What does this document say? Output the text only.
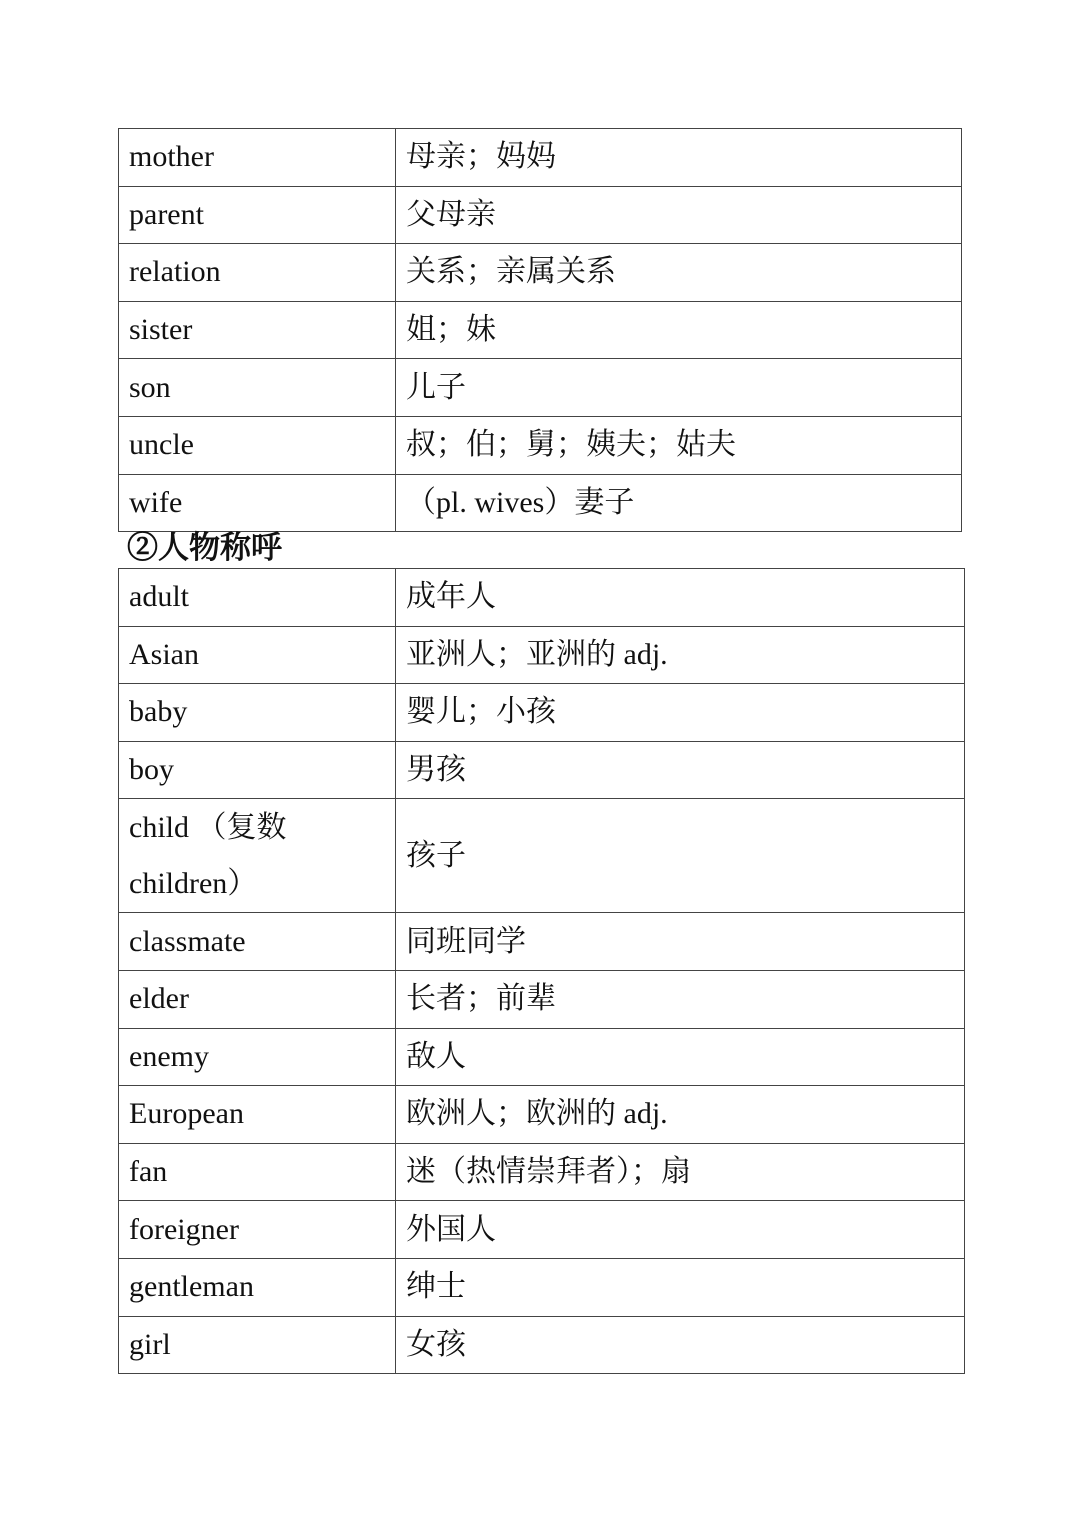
mother	母亲；妈妈
parent	父母亲
relation	关系；亲属关系
sister	姐；妹
son	儿子
uncle	叔；伯；舅；姨夫；姑夫
wife	（pl. wives）妻子
②人物称呼
adult	成年人
Asian	亚洲人；亚洲的 adj.
baby	婴儿；小孩
boy	男孩

child （复数 children）	孩子
classmate	同班同学
elder	长者；前辈
enemy	敌人
European	欧洲人；欧洲的 adj.
fan	迷（热情崇拜者）；扇
foreigner	外国人
gentleman	绅士
girl	女孩
